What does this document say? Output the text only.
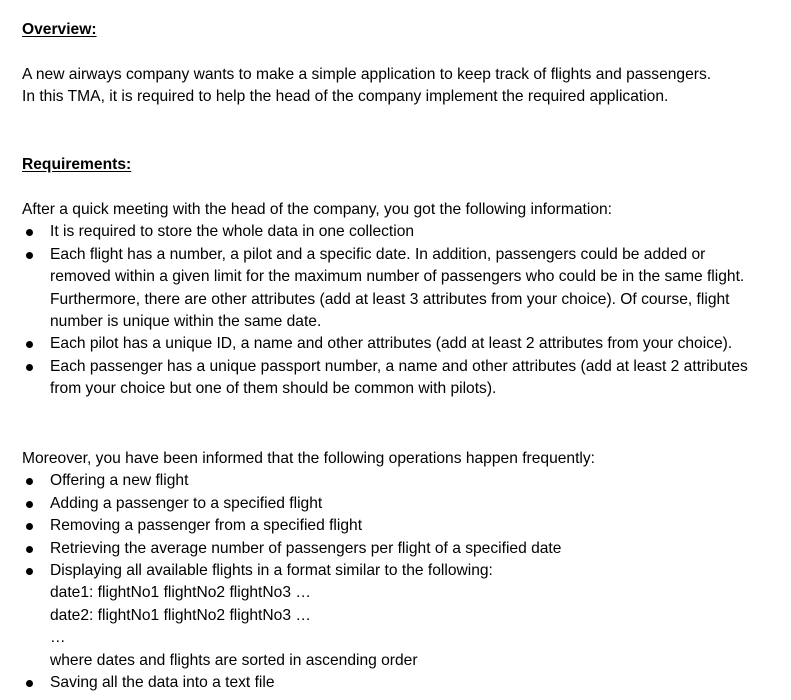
Overview:

A new airways company wants to make a simple application to keep track of flights and passengers.

In this TMA, it is required to help the head of the company implement the required application.

Requirements:

After a quick meeting with the head of the company, you got the following information:

It is required to store the whole data in one collection
Each flight has a number, a pilot and a specific date. In addition, passengers could be added or removed within a given limit for the maximum number of passengers who could be in the same flight. Furthermore, there are other attributes (add at least 3 attributes from your choice). Of course, flight number is unique within the same date.
Each pilot has a unique ID, a name and other attributes (add at least 2 attributes from your choice).
Each passenger has a unique passport number, a name and other attributes (add at least 2 attributes from your choice but one of them should be common with pilots).

Moreover, you have been informed that the following operations happen frequently:

Offering a new flight
Adding a passenger to a specified flight
Removing a passenger from a specified flight
Retrieving the average number of passengers per flight of a specified date
Displaying all available flights in a format similar to the following:

date1: flightNo1 flightNo2 flightNo3 …

date2: flightNo1 flightNo2 flightNo3 …

…

where dates and flights are sorted in ascending order

Saving all the data into a text file
